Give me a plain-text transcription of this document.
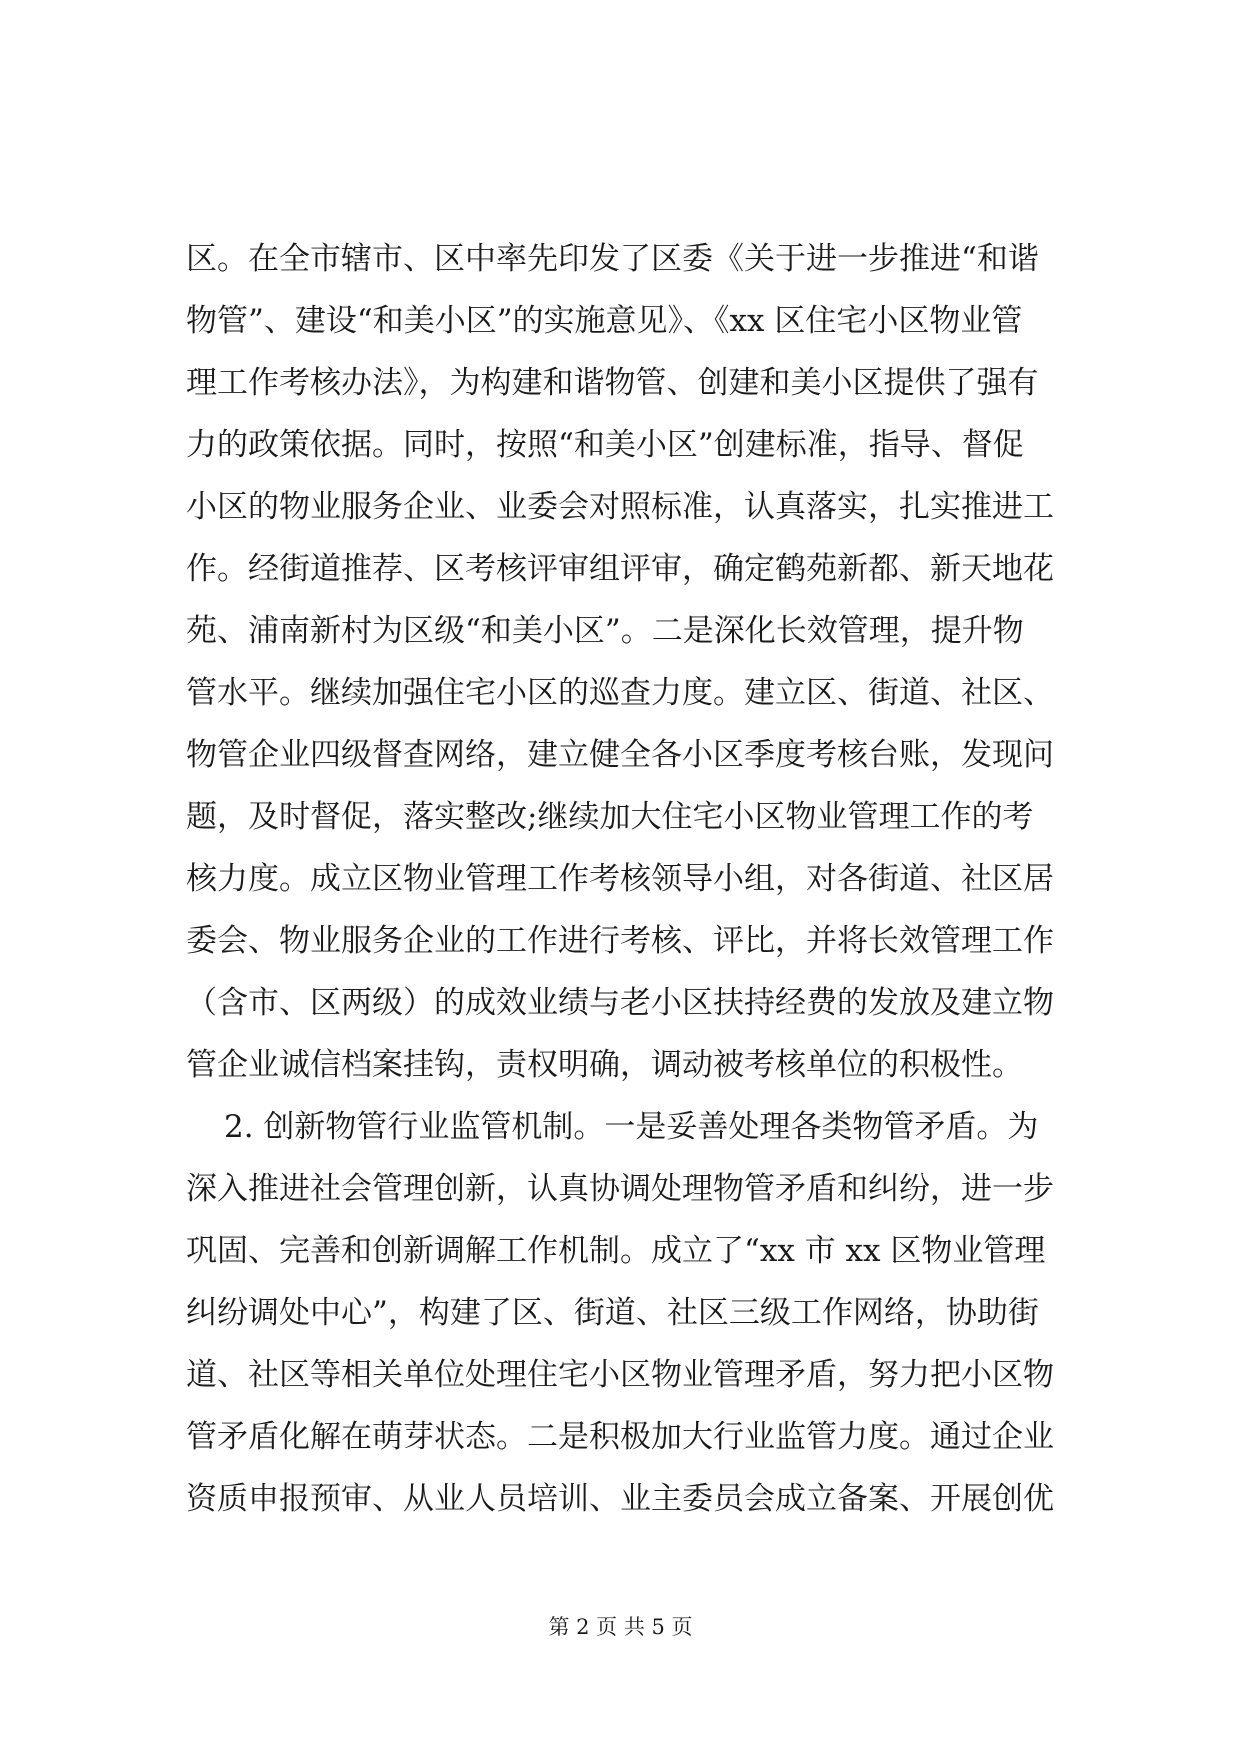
区。在全市辖市、区中率先印发了区委《关于进一步推进“和谐
物管”、建设“和美小区”的实施意见》、《xx 区住宅小区物业管
理工作考核办法》，为构建和谐物管、创建和美小区提供了强有
力的政策依据。同时，按照“和美小区”创建标准，指导、督促
小区的物业服务企业、业委会对照标准，认真落实，扎实推进工
作。经街道推荐、区考核评审组评审，确定鹤苑新都、新天地花
苑、浦南新村为区级“和美小区”。二是深化长效管理，提升物
管水平。继续加强住宅小区的巡查力度。建立区、街道、社区、
物管企业四级督查网络，建立健全各小区季度考核台账，发现问
题，及时督促，落实整改;继续加大住宅小区物业管理工作的考
核力度。成立区物业管理工作考核领导小组，对各街道、社区居
委会、物业服务企业的工作进行考核、评比，并将长效管理工作
（含市、区两级）的成效业绩与老小区扶持经费的发放及建立物
管企业诚信档案挂钩，责权明确，调动被考核单位的积极性。
2. 创新物管行业监管机制。一是妥善处理各类物管矛盾。为
深入推进社会管理创新，认真协调处理物管矛盾和纠纷，进一步
巩固、完善和创新调解工作机制。成立了“xx 市 xx 区物业管理
纠纷调处中心”，构建了区、街道、社区三级工作网络，协助街
道、社区等相关单位处理住宅小区物业管理矛盾，努力把小区物
管矛盾化解在萌芽状态。二是积极加大行业监管力度。通过企业
资质申报预审、从业人员培训、业主委员会成立备案、开展创优
第 2 页 共 5 页
